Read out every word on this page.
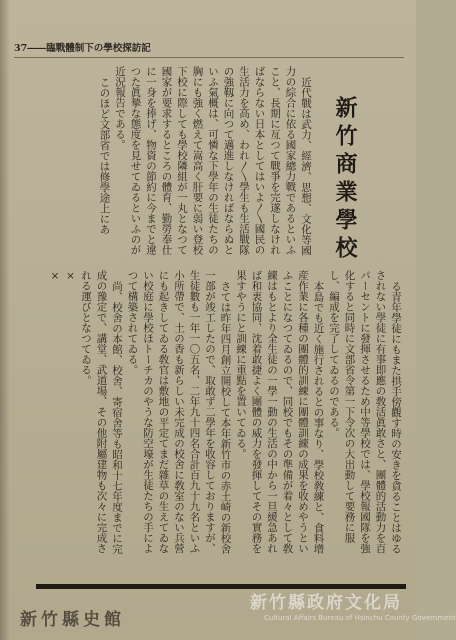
37――臨戰體制下の學校探訪記

近代戰は武力、經濟、思想、文化等國力の綜合に依る國家總力戰であるといふこと、長期に亙つて戰爭を完遂しなければならない日本としてはいよ〳〵國民の生活力を高め、われ〳〵學生も生活戰隊の強靱に向つて邁進しなければならぬといふ氣概は、可憐な下學年の生徒たちの胸にも強く燃えて嵩高く肝要に弱い登校下校に際しても學校隣組が一丸となつて國家が要求するところの體育、勤勞奉仕に一身を捧げ、物資の節約に今までと違つた眞摯な態度を見せてゐるといふのが近況報告である。

このほど文部省では修學途上にあ	新竹商業學校

る青年學徒にもまた拱手傍觀す時の安きを貪ることはゆるされない學徒に有事即應の敎活眞敢さと、團體的活動力を百パーセントに發揮させるため中等學校では、學校報國隊を強化すると同時に文部省令第一下令次の大出動して要務に服し、編成を完了してゐるのである。

本島でも近く施行されるとの事なり、學校敎練と、食料增産作業に各種の團體的訓練に團體訓練の成果を收めやうといふことになつてゐるので、同校でもその準備が着々として敎練はもとより全生徒の一學一動の生活の中から一旦緩急あれば和衷協同、沈着敢捷よく團體の威力を發揮してその實務を果すやうにと訓練に重點を置いてゐる。

さては昨年四月創立開校して本年新竹市の赤土崎の新校舍一部が竣工したので、取敢ず二學年を收容しておりますが、生徒數も一年一〇五名、二年九十四名合計百九十九名といふ小所帶で、土の香も新らしい未完成の校舍に敎室のない兵營にも起きしてゐる敎官は敷地の平定てまだ雜草の生えてゐない校庭に學校ほトーチカのやうな防空壕が生徒たちの手によつて構築されてゐる。

尚、校舍の本館、校舍、寄宿舍等も昭和十七年度までに完成の豫定で、講堂、武道場、その他附屬建物も次々に完成される運びとなつてゐる。

×
×
新竹縣史館
新竹縣政府文化局
Cultural Affairs Bureau of Hsinchu County Government
